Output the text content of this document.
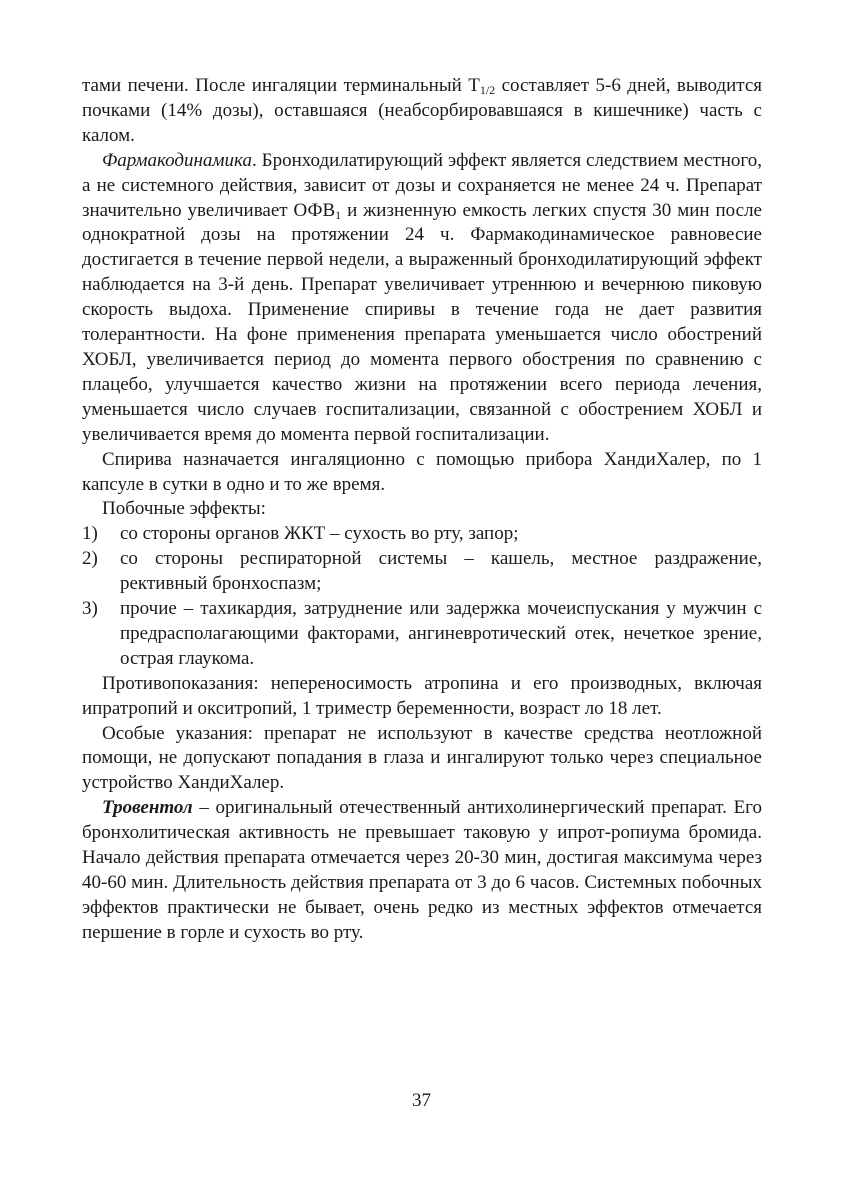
тами печени. После ингаляции терминальный $Т_{1/2}$ составляет 5-6 дней, выводится почками (14% дозы), оставшаяся (неабсорбировавшаяся в кишечнике) часть с калом.

Фармакодинамика. Бронходилатирующий эффект является следствием местного, а не системного действия, зависит от дозы и сохраняется не менее 24 ч. Препарат значительно увеличивает $ОФВ_1$ и жизненную емкость легких спустя 30 мин после однократной дозы на протяжении 24 ч. Фармакодинамическое равновесие достигается в течение первой недели, а выраженный бронходилатирующий эффект наблюдается на 3-й день. Препарат увеличивает утреннюю и вечернюю пиковую скорость выдоха. Применение спиривы в течение года не дает развития толерантности. На фоне применения препарата уменьшается число обострений ХОБЛ, увеличивается период до момента первого обострения по сравнению с плацебо, улучшается качество жизни на протяжении всего периода лечения, уменьшается число случаев госпитализации, связанной с обострением ХОБЛ и увеличивается время до момента первой госпитализации.

Спирива назначается ингаляционно с помощью прибора ХандиХалер, по 1 капсуле в сутки в одно и то же время.

Побочные эффекты:

1) со стороны органов ЖКТ – сухость во рту, запор;

2) со стороны респираторной системы – кашель, местное раздражение, рективный бронхоспазм;

3) прочие – тахикардия, затруднение или задержка мочеиспускания у мужчин с предрасполагающими факторами, ангиневротический отек, нечеткое зрение, острая глаукома.

Противопоказания: непереносимость атропина и его производных, включая ипратропий и окситропий, 1 триместр беременности, возраст ло 18 лет.

Особые указания: препарат не используют в качестве средства неотложной помощи, не допускают попадания в глаза и ингалируют только через специальное устройство ХандиХалер.

Тровентол – оригинальный отечественный антихолинергический препарат. Его бронхолитическая активность не превышает таковую у ипрот-ропиума бромида. Начало действия препарата отмечается через 20-30 мин, достигая максимума через 40-60 мин. Длительность действия препарата от 3 до 6 часов. Системных побочных эффектов практически не бывает, очень редко из местных эффектов отмечается першение в горле и сухость во рту.

37
